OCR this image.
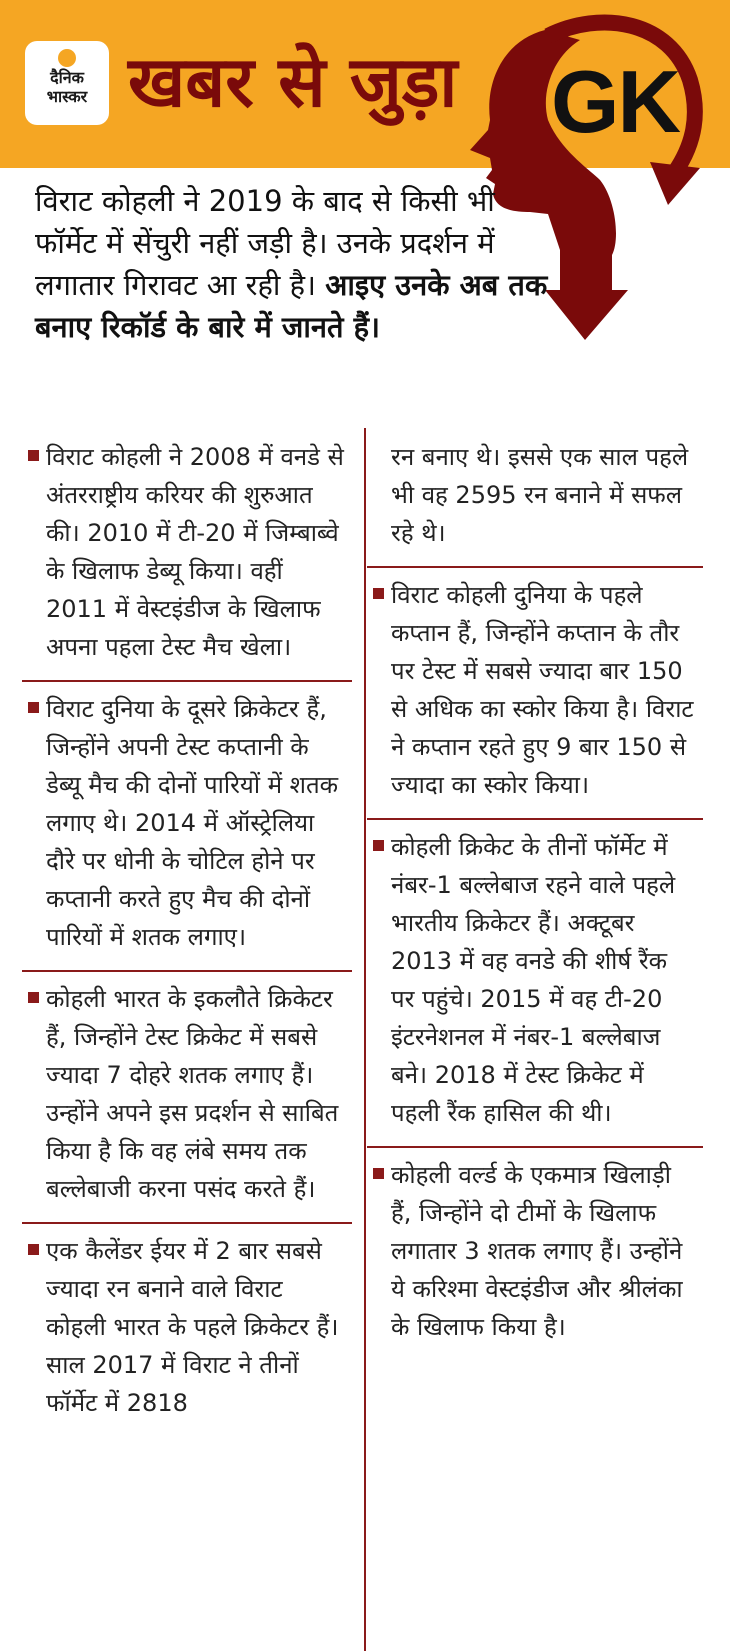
दैनिक
भास्कर खबर से जुड़ा GK
विराट कोहली ने 2019 के बाद से किसी भी फॉर्मेट में सेंचुरी नहीं जड़ी है। उनके प्रदर्शन में लगातार गिरावट आ रही है। आइए उनके अब तक बनाए रिकॉर्ड के बारे में जानते हैं।
विराट कोहली ने 2008 में वनडे से अंतरराष्ट्रीय करियर की शुरुआत की। 2010 में टी-20 में जिम्बाब्वे के खिलाफ डेब्यू किया। वहीं 2011 में वेस्टइंडीज के खिलाफ अपना पहला टेस्ट मैच खेला।
विराट दुनिया के दूसरे क्रिकेटर हैं, जिन्होंने अपनी टेस्ट कप्तानी के डेब्यू मैच की दोनों पारियों में शतक लगाए थे। 2014 में ऑस्ट्रेलिया दौरे पर धोनी के चोटिल होने पर कप्तानी करते हुए मैच की दोनों पारियों में शतक लगाए।
कोहली भारत के इकलौते क्रिकेटर हैं, जिन्होंने टेस्ट क्रिकेट में सबसे ज्यादा 7 दोहरे शतक लगाए हैं। उन्होंने अपने इस प्रदर्शन से साबित किया है कि वह लंबे समय तक बल्लेबाजी करना पसंद करते हैं।
एक कैलेंडर ईयर में 2 बार सबसे ज्यादा रन बनाने वाले विराट कोहली भारत के पहले क्रिकेटर हैं। साल 2017 में विराट ने तीनों फॉर्मेट में 2818
रन बनाए थे। इससे एक साल पहले भी वह 2595 रन बनाने में सफल रहे थे।
विराट कोहली दुनिया के पहले कप्तान हैं, जिन्होंने कप्तान के तौर पर टेस्ट में सबसे ज्यादा बार 150 से अधिक का स्कोर किया है। विराट ने कप्तान रहते हुए 9 बार 150 से ज्यादा का स्कोर किया।
कोहली क्रिकेट के तीनों फॉर्मेट में नंबर-1 बल्लेबाज रहने वाले पहले भारतीय क्रिकेटर हैं। अक्टूबर 2013 में वह वनडे की शीर्ष रैंक पर पहुंचे। 2015 में वह टी-20 इंटरनेशनल में नंबर-1 बल्लेबाज बने। 2018 में टेस्ट क्रिकेट में पहली रैंक हासिल की थी।
कोहली वर्ल्ड के एकमात्र खिलाड़ी हैं, जिन्होंने दो टीमों के खिलाफ लगातार 3 शतक लगाए हैं। उन्होंने ये करिश्मा वेस्टइंडीज और श्रीलंका के खिलाफ किया है।
